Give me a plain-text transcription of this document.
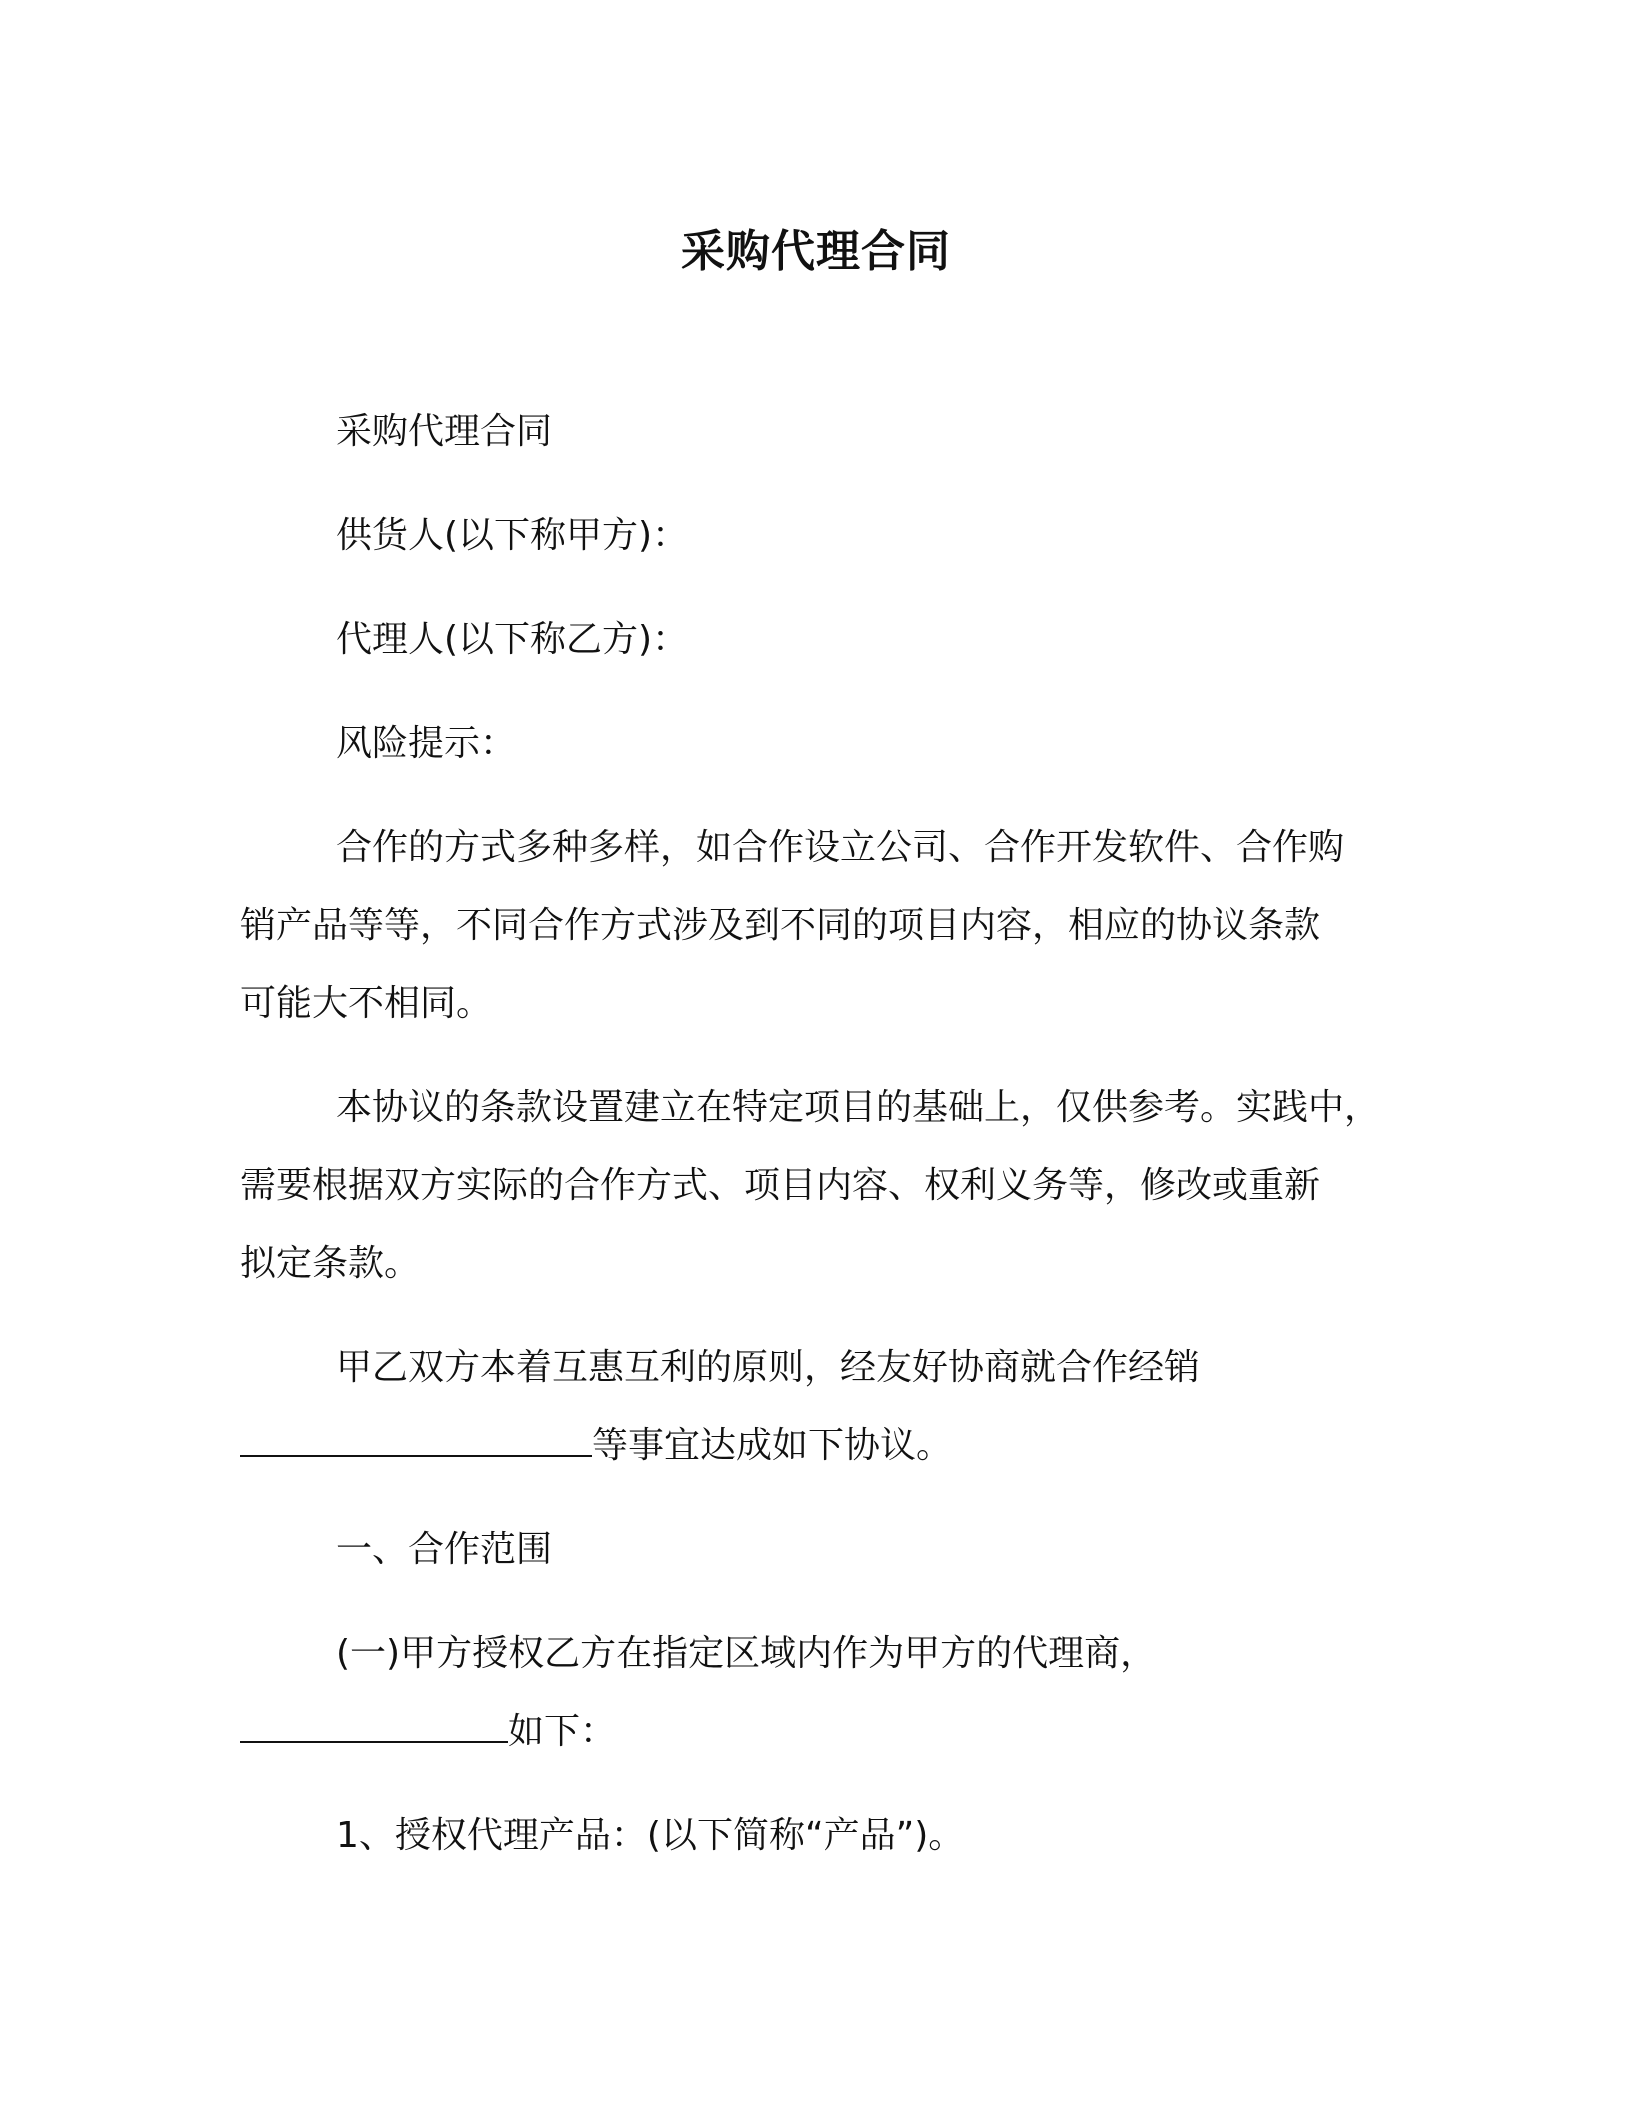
采购代理合同
采购代理合同
供货人(以下称甲方)：
代理人(以下称乙方)：
风险提示：
合作的方式多种多样，如合作设立公司、合作开发软件、合作购
销产品等等，不同合作方式涉及到不同的项目内容，相应的协议条款
可能大不相同。
本协议的条款设置建立在特定项目的基础上，仅供参考。实践中，
需要根据双方实际的合作方式、项目内容、权利义务等，修改或重新
拟定条款。
甲乙双方本着互惠互利的原则，经友好协商就合作经销
等事宜达成如下协议。
一、合作范围
(一)甲方授权乙方在指定区域内作为甲方的代理商，
如下：
1、授权代理产品：(以下简称“产品”)。
